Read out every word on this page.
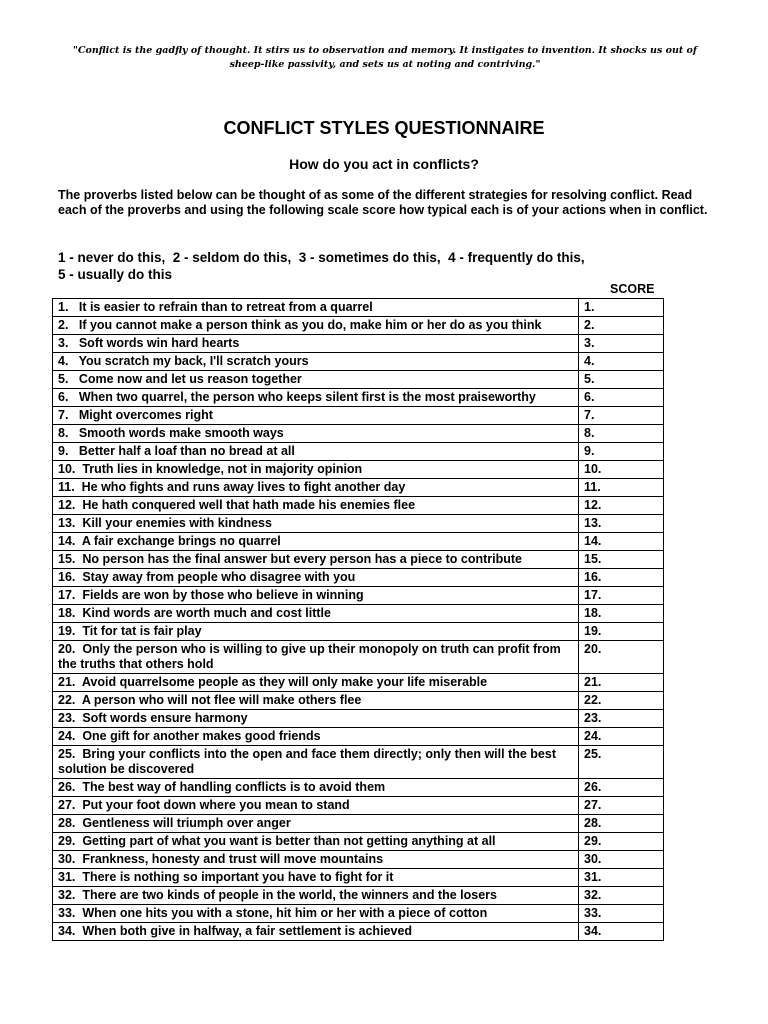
"Conflict is the gadfly of thought. It stirs us to observation and memory. It instigates to invention. It shocks us out of sheep-like passivity, and sets us at noting and contriving."
CONFLICT STYLES QUESTIONNAIRE
How do you act in conflicts?
The proverbs listed below can be thought of as some of the different strategies for resolving conflict. Read each of the proverbs and using the following scale score how typical each is of your actions when in conflict.
1 - never do this,  2 - seldom do this,  3 - sometimes do this,  4 - frequently do this,
5 - usually do this
SCORE
1.   It is easier to refrain than to retreat from a quarrel	1.
2.   If you cannot make a person think as you do, make him or her do as you think	2.
3.   Soft words win hard hearts	3.
4.   You scratch my back, I'll scratch yours	4.
5.   Come now and let us reason together	5.
6.   When two quarrel, the person who keeps silent first is the most praiseworthy	6.
7.   Might overcomes right	7.
8.   Smooth words make smooth ways	8.
9.   Better half a loaf than no bread at all	9.
10.  Truth lies in knowledge, not in majority opinion	10.
11.  He who fights and runs away lives to fight another day	11.
12.  He hath conquered well that hath made his enemies flee	12.
13.  Kill your enemies with kindness	13.
14.  A fair exchange brings no quarrel	14.
15.  No person has the final answer but every person has a piece to contribute	15.
16.  Stay away from people who disagree with you	16.
17.  Fields are won by those who believe in winning	17.
18.  Kind words are worth much and cost little	18.
19.  Tit for tat is fair play	19.
20.  Only the person who is willing to give up their monopoly on truth can profit from the truths that others hold	20.
21.  Avoid quarrelsome people as they will only make your life miserable	21.
22.  A person who will not flee will make others flee	22.
23.  Soft words ensure harmony	23.
24.  One gift for another makes good friends	24.
25.  Bring your conflicts into the open and face them directly; only then will the best solution be discovered	25.
26.  The best way of handling conflicts is to avoid them	26.
27.  Put your foot down where you mean to stand	27.
28.  Gentleness will triumph over anger	28.
29.  Getting part of what you want is better than not getting anything at all	29.
30.  Frankness, honesty and trust will move mountains	30.
31.  There is nothing so important you have to fight for it	31.
32.  There are two kinds of people in the world, the winners and the losers	32.
33.  When one hits you with a stone, hit him or her with a piece of cotton	33.
34.  When both give in halfway, a fair settlement is achieved	34.
